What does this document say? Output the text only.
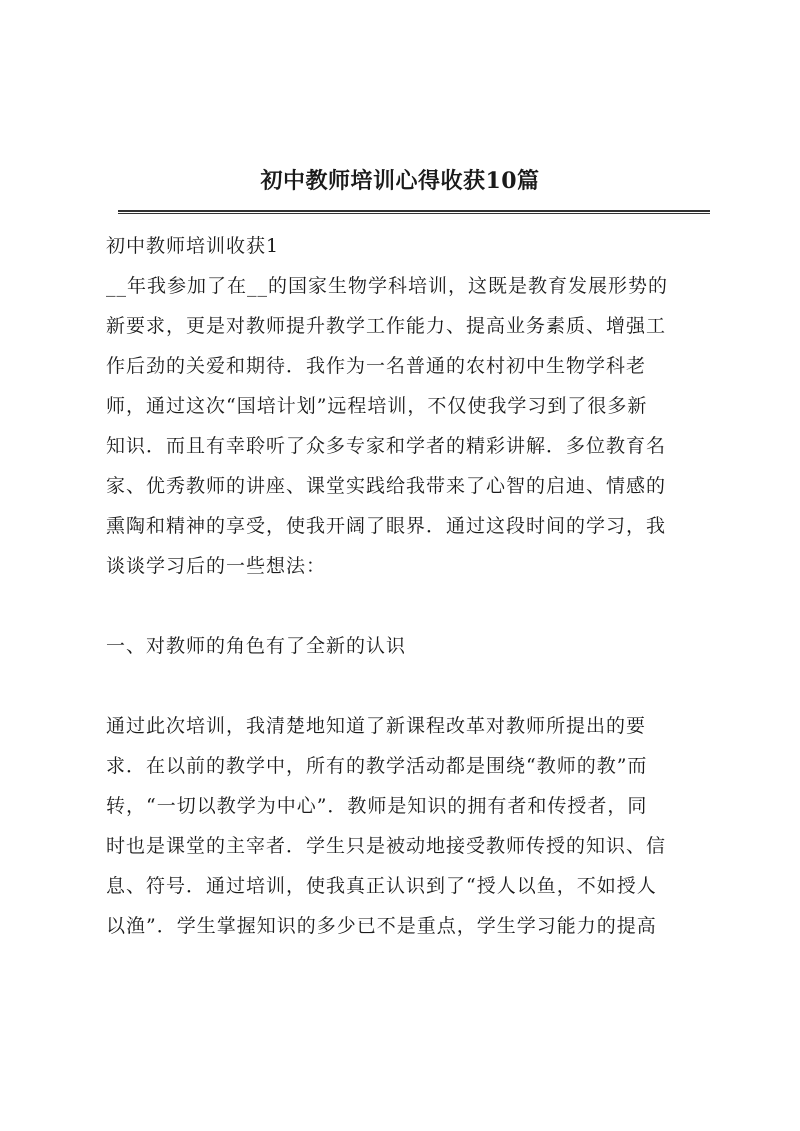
初中教师培训心得收获10篇
初中教师培训收获1
__年我参加了在__的国家生物学科培训，这既是教育发展形势的
新要求，更是对教师提升教学工作能力、提高业务素质、增强工
作后劲的关爱和期待．我作为一名普通的农村初中生物学科老
师，通过这次“国培计划”远程培训，不仅使我学习到了很多新
知识．而且有幸聆听了众多专家和学者的精彩讲解．多位教育名
家、优秀教师的讲座、课堂实践给我带来了心智的启迪、情感的
熏陶和精神的享受，使我开阔了眼界．通过这段时间的学习，我
谈谈学习后的一些想法：
一、对教师的角色有了全新的认识
通过此次培训，我清楚地知道了新课程改革对教师所提出的要
求．在以前的教学中，所有的教学活动都是围绕“教师的教”而
转，“一切以教学为中心”．教师是知识的拥有者和传授者，同
时也是课堂的主宰者．学生只是被动地接受教师传授的知识、信
息、符号．通过培训，使我真正认识到了“授人以鱼，不如授人
以渔”．学生掌握知识的多少已不是重点，学生学习能力的提高
